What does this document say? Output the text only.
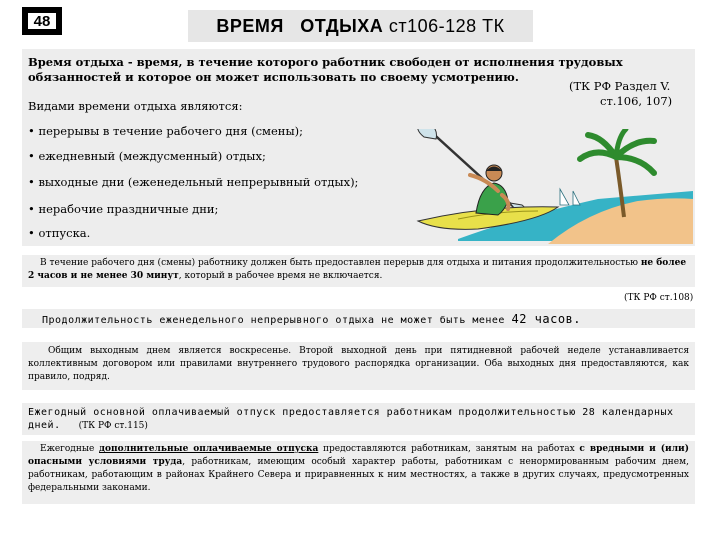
48	ВРЕМЯ   ОТДЫХА
ст106-128 ТК
Время отдыха - время, в течение которого работник свободен от исполнения трудовых обязанностей и которое он может использовать по своему усмотрению.
(ТК РФ Раздел V.
ст.106, 107)
Видами времени отдыха являются:
• перерывы в течение рабочего дня (смены);
• ежедневный (междусменный) отдых;
• выходные дни (еженедельный непрерывный отдых);
• нерабочие праздничные дни;
• отпуска.
В течение рабочего дня (смены) работнику должен быть предоставлен перерыв для отдыха и питания продолжительностью не более 2 часов и не менее 30 минут, который в рабочее время не включается.
(ТК РФ ст.108)
Продолжительность еженедельного непрерывного отдыха не может быть менее 42 часов.
Общим выходным днем является воскресенье. Второй выходной день при пятидневной рабочей неделе устанавливается коллективным договором или правилами внутреннего трудового распорядка организации. Оба выходных дня предоставляются, как правило, подряд.
Ежегодный основной оплачиваемый отпуск предоставляется работникам продолжительностью 28 календарных дней. (ТК РФ ст.115)
Ежегодные дополнительные оплачиваемые отпуска предоставляются работникам, занятым на работах с вредными и (или) опасными условиями труда, работникам, имеющим особый характер работы, работникам с ненормированным рабочим днем, работникам, работающим в районах Крайнего Севера и приравненных к ним местностях, а также в других случаях, предусмотренных федеральными законами.
